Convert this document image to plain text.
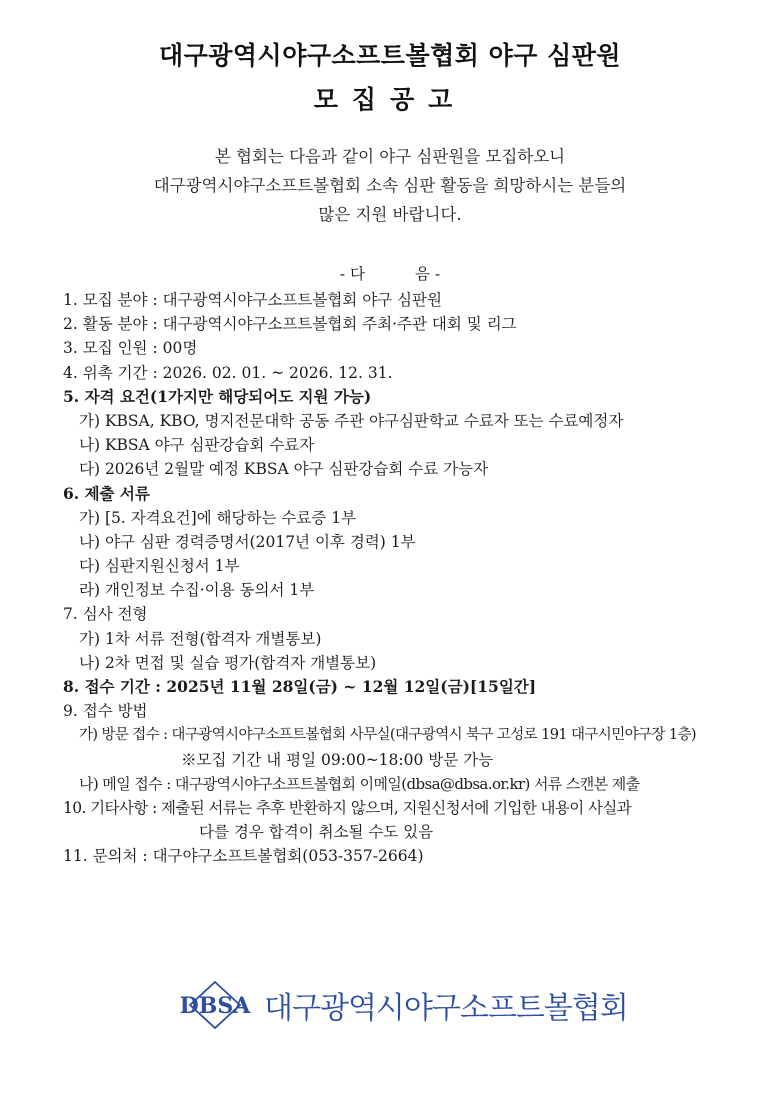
대구광역시야구소프트볼협회 야구 심판원
모집공고
본 협회는 다음과 같이 야구 심판원을 모집하오니
대구광역시야구소프트볼협회 소속 심판 활동을 희망하시는 분들의
많은 지원 바랍니다.
- 다	음 -
1. 모집 분야 : 대구광역시야구소프트볼협회 야구 심판원
2. 활동 분야 : 대구광역시야구소프트볼협회 주최·주관 대회 및 리그
3. 모집 인원 : 00명
4. 위촉 기간 : 2026. 02. 01. ~ 2026. 12. 31.
5. 자격 요건(1가지만 해당되어도 지원 가능)
가) KBSA, KBO, 명지전문대학 공동 주관 야구심판학교 수료자 또는 수료예정자
나) KBSA 야구 심판강습회 수료자
다) 2026년 2월말 예정 KBSA 야구 심판강습회 수료 가능자
6. 제출 서류
가) [5. 자격요건]에 해당하는 수료증 1부
나) 야구 심판 경력증명서(2017년 이후 경력) 1부
다) 심판지원신청서 1부
라) 개인정보 수집·이용 동의서 1부
7. 심사 전형
가) 1차 서류 전형(합격자 개별통보)
나) 2차 면접 및 실습 평가(합격자 개별통보)
8. 접수 기간 : 2025년 11월 28일(금) ~ 12월 12일(금)[15일간]
9. 접수 방법
가) 방문 접수 : 대구광역시야구소프트볼협회 사무실(대구광역시 북구 고성로 191 대구시민야구장 1층)
※모집 기간 내 평일 09:00~18:00 방문 가능
나) 메일 접수 : 대구광역시야구소프트볼협회 이메일(dbsa@dbsa.or.kr) 서류 스캔본 제출
10. 기타사항 : 제출된 서류는 추후 반환하지 않으며, 지원신청서에 기입한 내용이 사실과
다를 경우 합격이 취소될 수도 있음
11. 문의처 : 대구야구소프트볼협회(053-357-2664)
DBSA 대구광역시야구소프트볼협회
